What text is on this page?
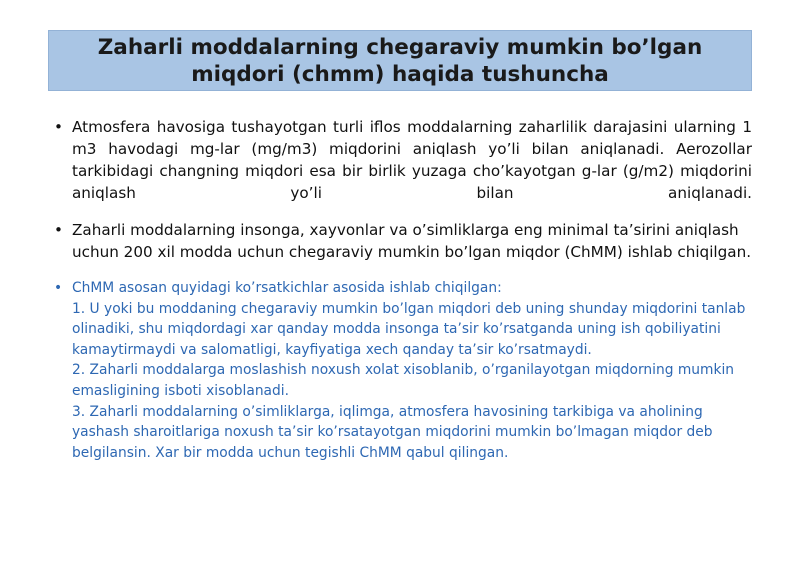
Zaharli moddalarning chegaraviy mumkin bo’lgan
miqdori (chmm) haqida tushuncha
• Atmosfera havosiga tushayotgan turli iflos moddalarning zaharlilik darajasini ularning 1 m3 havodagi mg-lar (mg/m3) miqdorini aniqlash yo’li bilan aniqlanadi. Aerozollar tarkibidagi changning miqdori esa bir birlik yuzaga cho’kayotgan g-lar (g/m2) miqdorini aniqlash yo’li bilan aniqlanadi.
• Zaharli moddalarning insonga, xayvonlar va o’simliklarga eng minimal ta’sirini aniqlash uchun 200 xil modda uchun chegaraviy mumkin bo’lgan miqdor (ChMM) ishlab chiqilgan.
• ChMM asosan quyidagi ko’rsatkichlar asosida ishlab chiqilgan:
1. U yoki bu moddaning chegaraviy mumkin bo’lgan miqdori deb uning shunday miqdorini tanlab olinadiki, shu miqdordagi xar qanday modda insonga ta’sir ko’rsatganda uning ish qobiliyatini kamaytirmaydi va salomatligi, kayfiyatiga xech qanday ta’sir ko’rsatmaydi.
2. Zaharli moddalarga moslashish noxush xolat xisoblanib, o’rganilayotgan miqdorning mumkin emasligining isboti xisoblanadi.
3. Zaharli moddalarning o’simliklarga, iqlimga, atmosfera havosining tarkibiga va aholining yashash sharoitlariga noxush ta’sir ko’rsatayotgan miqdorini mumkin bo’lmagan miqdor deb belgilansin. Xar bir modda uchun tegishli ChMM qabul qilingan.
